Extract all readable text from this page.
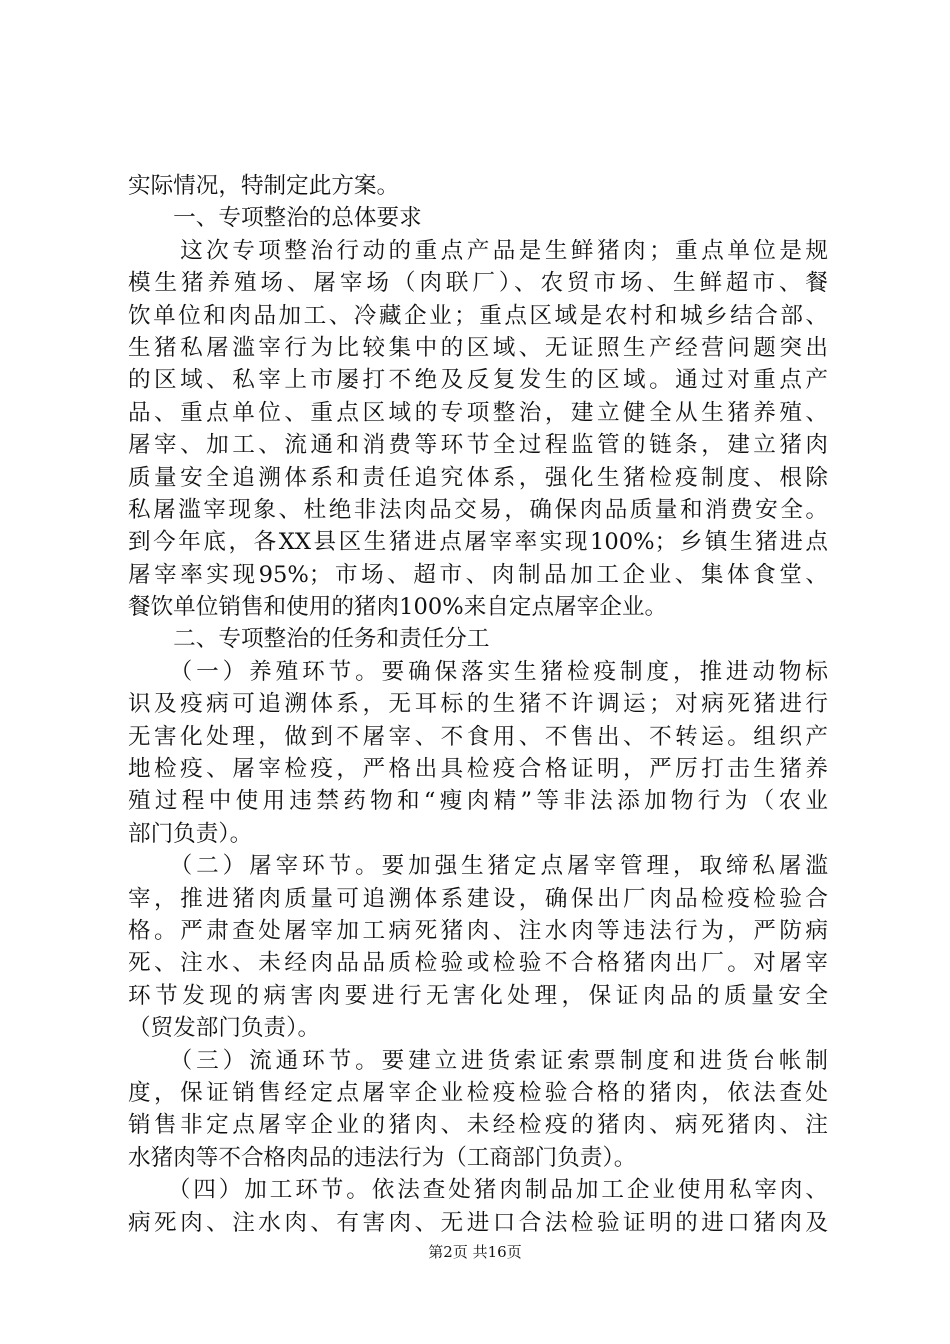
实际情况，特制定此方案。
　　一、专项整治的总体要求
　　这次专项整治行动的重点产品是生鲜猪肉；重点单位是规
模生猪养殖场、屠宰场（肉联厂）、农贸市场、生鲜超市、餐
饮单位和肉品加工、冷藏企业；重点区域是农村和城乡结合部、
生猪私屠滥宰行为比较集中的区域、无证照生产经营问题突出
的区域、私宰上市屡打不绝及反复发生的区域。通过对重点产
品、重点单位、重点区域的专项整治，建立健全从生猪养殖、
屠宰、加工、流通和消费等环节全过程监管的链条，建立猪肉
质量安全追溯体系和责任追究体系，强化生猪检疫制度、根除
私屠滥宰现象、杜绝非法肉品交易，确保肉品质量和消费安全。
到今年底，各XX县区生猪进点屠宰率实现100%；乡镇生猪进点
屠宰率实现95%；市场、超市、肉制品加工企业、集体食堂、
餐饮单位销售和使用的猪肉100%来自定点屠宰企业。
　　二、专项整治的任务和责任分工
　　（一）养殖环节。要确保落实生猪检疫制度，推进动物标
识及疫病可追溯体系，无耳标的生猪不许调运；对病死猪进行
无害化处理，做到不屠宰、不食用、不售出、不转运。组织产
地检疫、屠宰检疫，严格出具检疫合格证明，严厉打击生猪养
殖过程中使用违禁药物和“瘦肉精”等非法添加物行为（农业
部门负责）。
　　（二）屠宰环节。要加强生猪定点屠宰管理，取缔私屠滥
宰，推进猪肉质量可追溯体系建设，确保出厂肉品检疫检验合
格。严肃查处屠宰加工病死猪肉、注水肉等违法行为，严防病
死、注水、未经肉品品质检验或检验不合格猪肉出厂。对屠宰
环节发现的病害肉要进行无害化处理，保证肉品的质量安全
（贸发部门负责）。
　　（三）流通环节。要建立进货索证索票制度和进货台帐制
度，保证销售经定点屠宰企业检疫检验合格的猪肉，依法查处
销售非定点屠宰企业的猪肉、未经检疫的猪肉、病死猪肉、注
水猪肉等不合格肉品的违法行为（工商部门负责）。
　　（四）加工环节。依法查处猪肉制品加工企业使用私宰肉、
病死肉、注水肉、有害肉、无进口合法检验证明的进口猪肉及
第2页 共16页
